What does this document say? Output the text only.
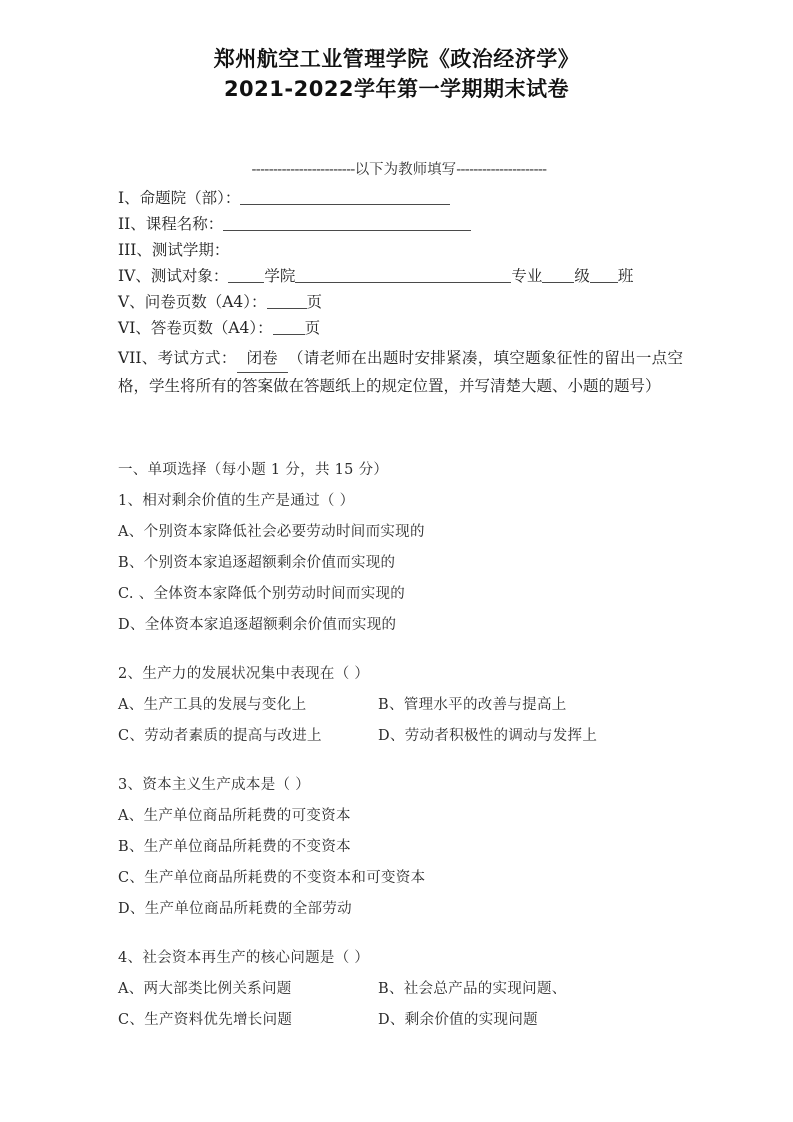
郑州航空工业管理学院《政治经济学》
2021-2022学年第一学期期末试卷
------------------------以下为教师填写---------------------
I、命题院（部）：
II、课程名称：
III、测试学期：
IV、测试对象： 学院	专业 级 班
V、问卷页数（A4）：	页
VI、答卷页数（A4）： 页
VII、考试方式： 闭卷 （请老师在出题时安排紧凑，填空题象征性的留出一点空格，学生将所有的答案做在答题纸上的规定位置，并写清楚大题、小题的题号）
一、单项选择（每小题 1 分，共 15 分）
1、相对剩余价值的生产是通过（ ）
A、个别资本家降低社会必要劳动时间而实现的
B、个别资本家追逐超额剩余价值而实现的
C. 、全体资本家降低个别劳动时间而实现的
D、全体资本家追逐超额剩余价值而实现的
2、生产力的发展状况集中表现在（ ）
A、生产工具的发展与变化上	B、管理水平的改善与提高上
C、劳动者素质的提高与改进上	D、劳动者积极性的调动与发挥上
3、资本主义生产成本是（ ）
A、生产单位商品所耗费的可变资本
B、生产单位商品所耗费的不变资本
C、生产单位商品所耗费的不变资本和可变资本
D、生产单位商品所耗费的全部劳动
4、社会资本再生产的核心问题是（ ）
A、两大部类比例关系问题	B、社会总产品的实现问题、
C、生产资料优先增长问题	D、剩余价值的实现问题
